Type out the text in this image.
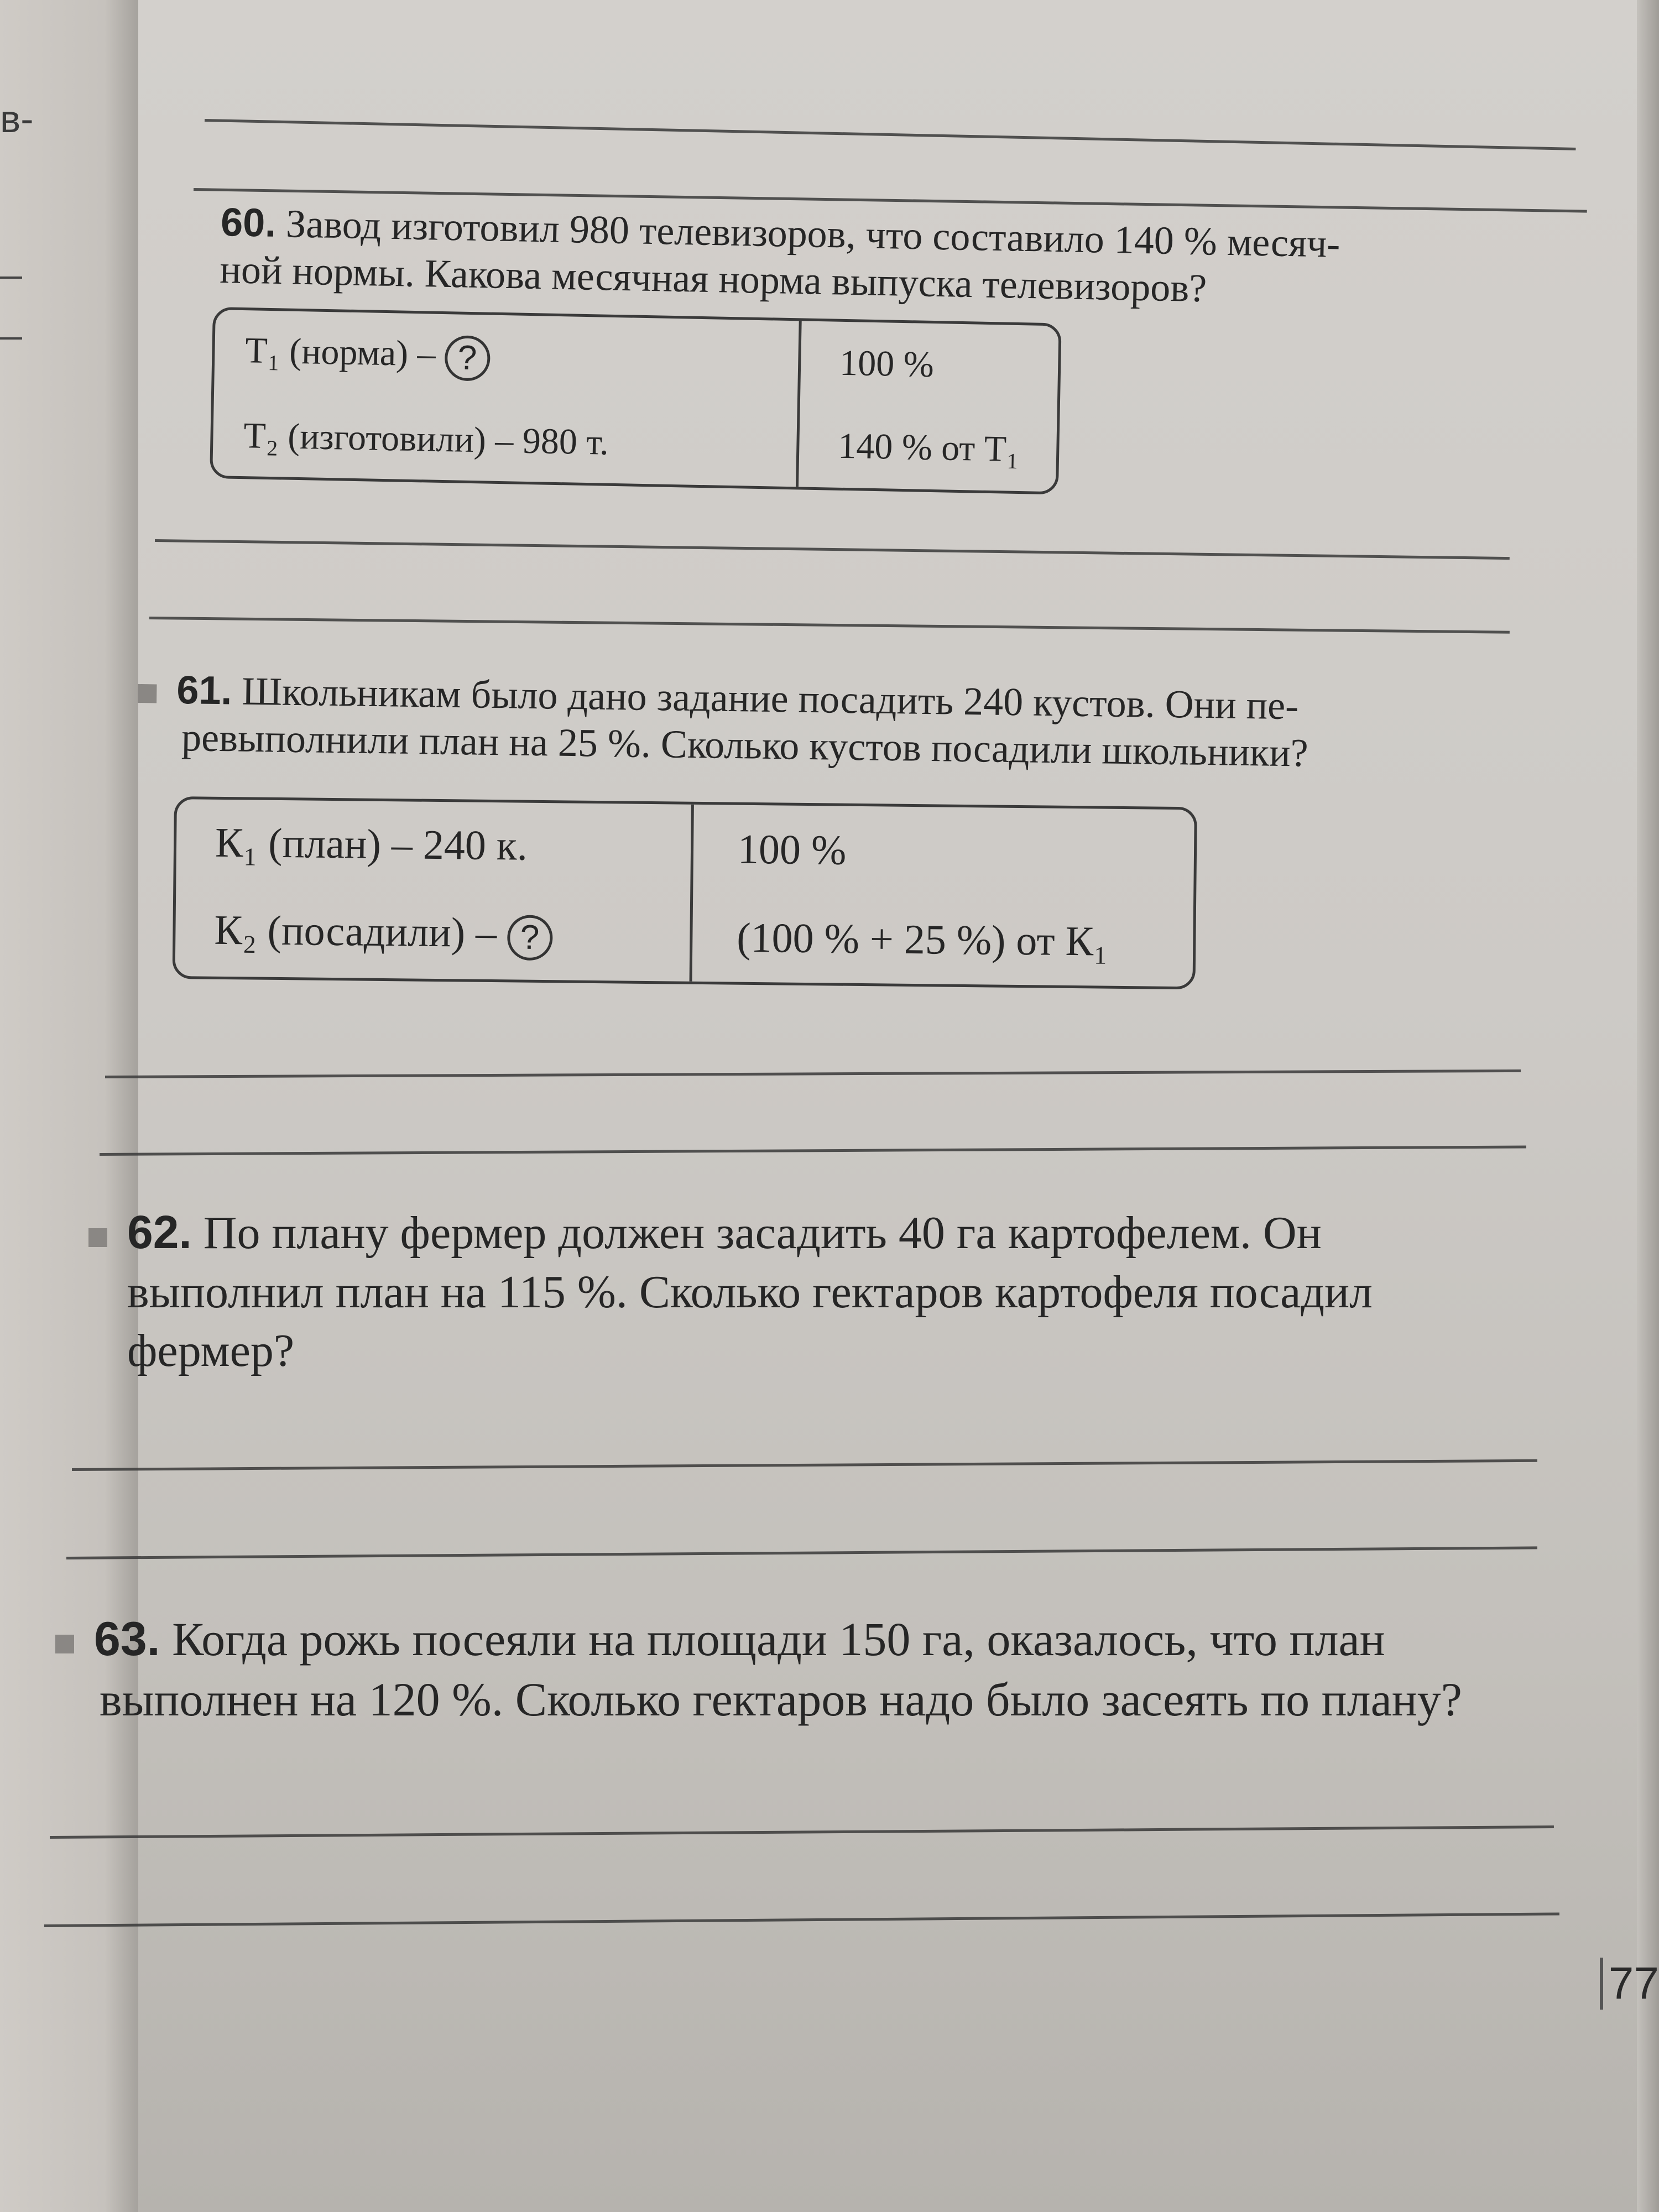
в-
60. Завод изготовил 980 телевизоров, что составило 140 % месяч-
ной нормы. Какова месячная норма выпуска телевизоров?
T₁ (норма) – ?
T₂ (изготовили) – 980 т.
100 %
140 % от T₁
61. Школьникам было дано задание посадить 240 кустов. Они пе-
ревыполнили план на 25 %. Сколько кустов посадили школьники?
К₁ (план) – 240 к.
К₂ (посадили) – ?
100 %
(100 % + 25 %) от К₁
62. По плану фермер должен засадить 40 га картофелем. Он
выполнил план на 115 %. Сколько гектаров картофеля посадил
фермер?
63. Когда рожь посеяли на площади 150 га, оказалось, что план
выполнен на 120 %. Сколько гектаров надо было засеять по плану?
77
